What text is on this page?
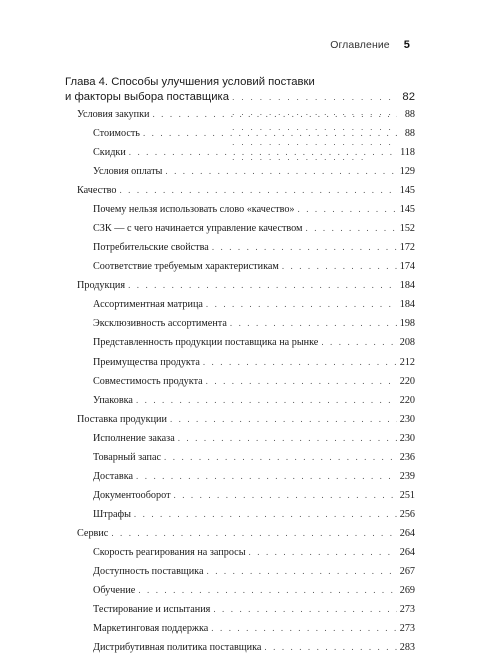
Оглавление 5
Глава 4. Способы улучшения условий поставки
и факторы выбора поставщика . . .	82
Условия закупки . . .	88
Стоимость . . .	88
Скидки . . .	118
Условия оплаты . . .	129
Качество . . .	145
Почему нельзя использовать слово «качество» . . .	145
СЗК — с чего начинается управление качеством . . .	152
Потребительские свойства . . .	172
Соответствие требуемым характеристикам . . .	174
Продукция . . .	184
Ассортиментная матрица . . .	184
Эксклюзивность ассортимента . . .	198
Представленность продукции поставщика на рынке . . .	208
Преимущества продукта . . .	212
Совместимость продукта . . .	220
Упаковка . . .	220
Поставка продукции . . .	230
Исполнение заказа . . .	230
Товарный запас . . .	236
Доставка . . .	239
Документооборот . . .	251
Штрафы . . .	256
Сервис . . .	264
Скорость реагирования на запросы . . .	264
Доступность поставщика . . .	267
Обучение . . .	269
Тестирование и испытания . . .	273
Маркетинговая поддержка . . .	273
Дистрибутивная политика поставщика . . .	283
